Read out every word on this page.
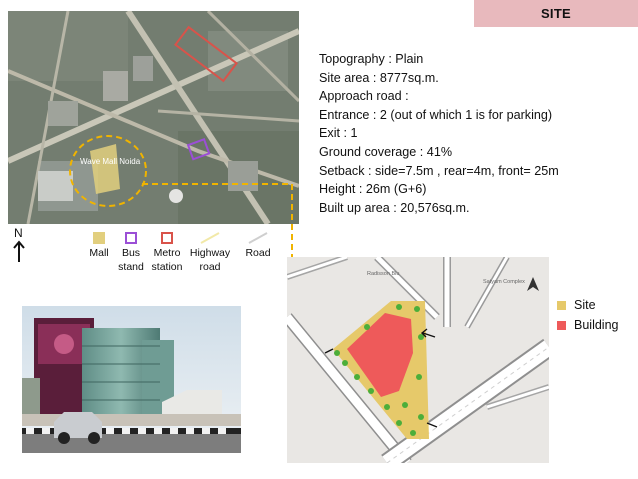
SITE
Wave Mall Noida
N
Mall	Bus
stand
Metro
station
Highway
road
Road
Topography : Plain
Site area : 8777sq.m.
Approach road :
Entrance : 2 (out of which 1 is for parking)
Exit : 1
Ground coverage : 41%
Setback : side=7.5m , rear=4m, front= 25m
Height : 26m (G+6)
Built up area : 20,576sq.m.
Radisson Blu
Satyam Complex
Site
Building
